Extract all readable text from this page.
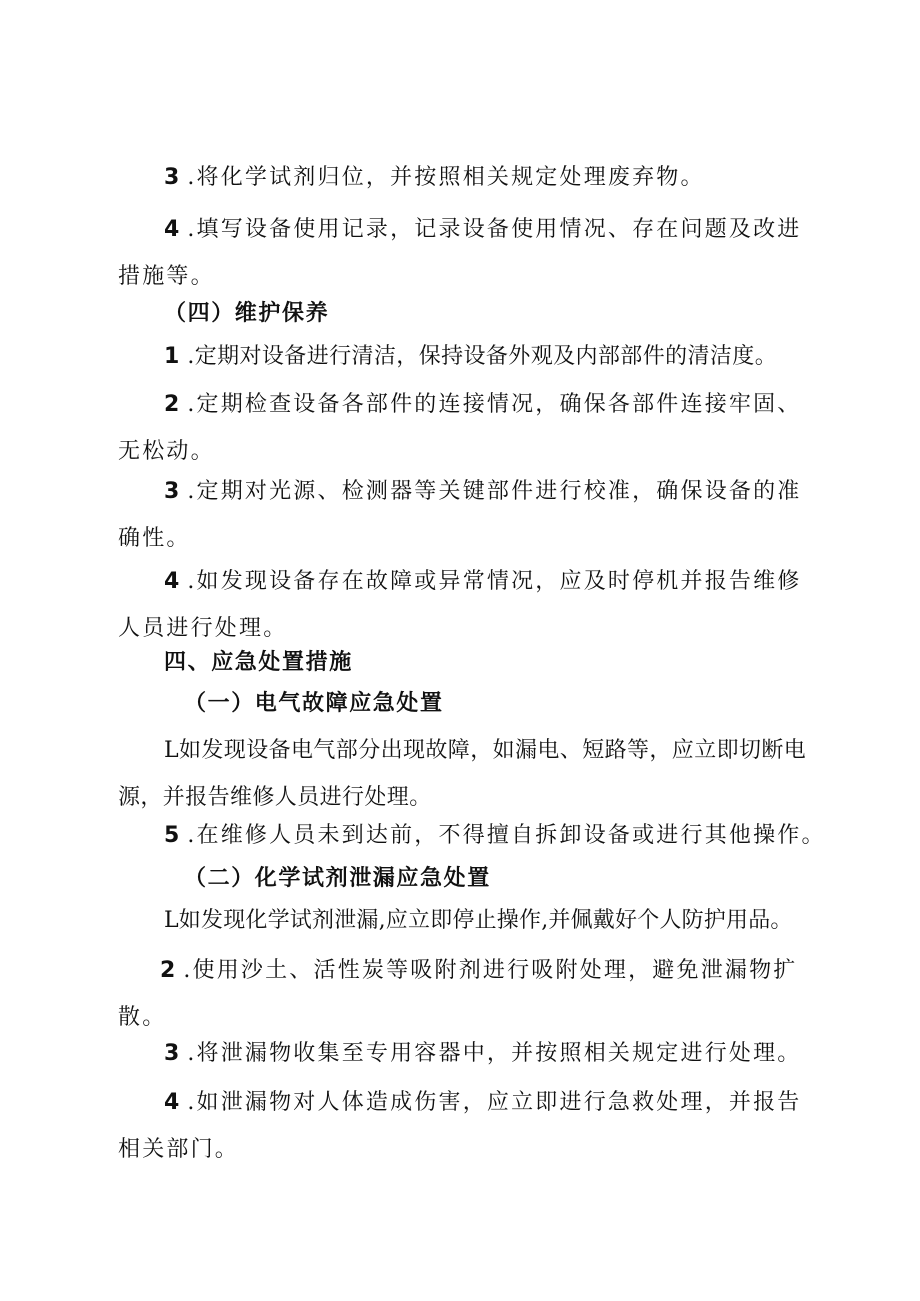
3 .将化学试剂归位，并按照相关规定处理废弃物。
4 .填写设备使用记录，记录设备使用情况、存在问题及改进措施等。
（四）维护保养
1 .定期对设备进行清洁，保持设备外观及内部部件的清洁度。
2 .定期检查设备各部件的连接情况，确保各部件连接牢固、无松动。
3 .定期对光源、检测器等关键部件进行校准，确保设备的准确性。
4 .如发现设备存在故障或异常情况，应及时停机并报告维修人员进行处理。
四、应急处置措施
（一）电气故障应急处置
L如发现设备电气部分出现故障，如漏电、短路等，应立即切断电源，并报告维修人员进行处理。
5 .在维修人员未到达前，不得擅自拆卸设备或进行其他操作。
（二）化学试剂泄漏应急处置
L如发现化学试剂泄漏,应立即停止操作,并佩戴好个人防护用品。
2 .使用沙土、活性炭等吸附剂进行吸附处理，避免泄漏物扩散。
3 .将泄漏物收集至专用容器中，并按照相关规定进行处理。
4 .如泄漏物对人体造成伤害，应立即进行急救处理，并报告相关部门。
